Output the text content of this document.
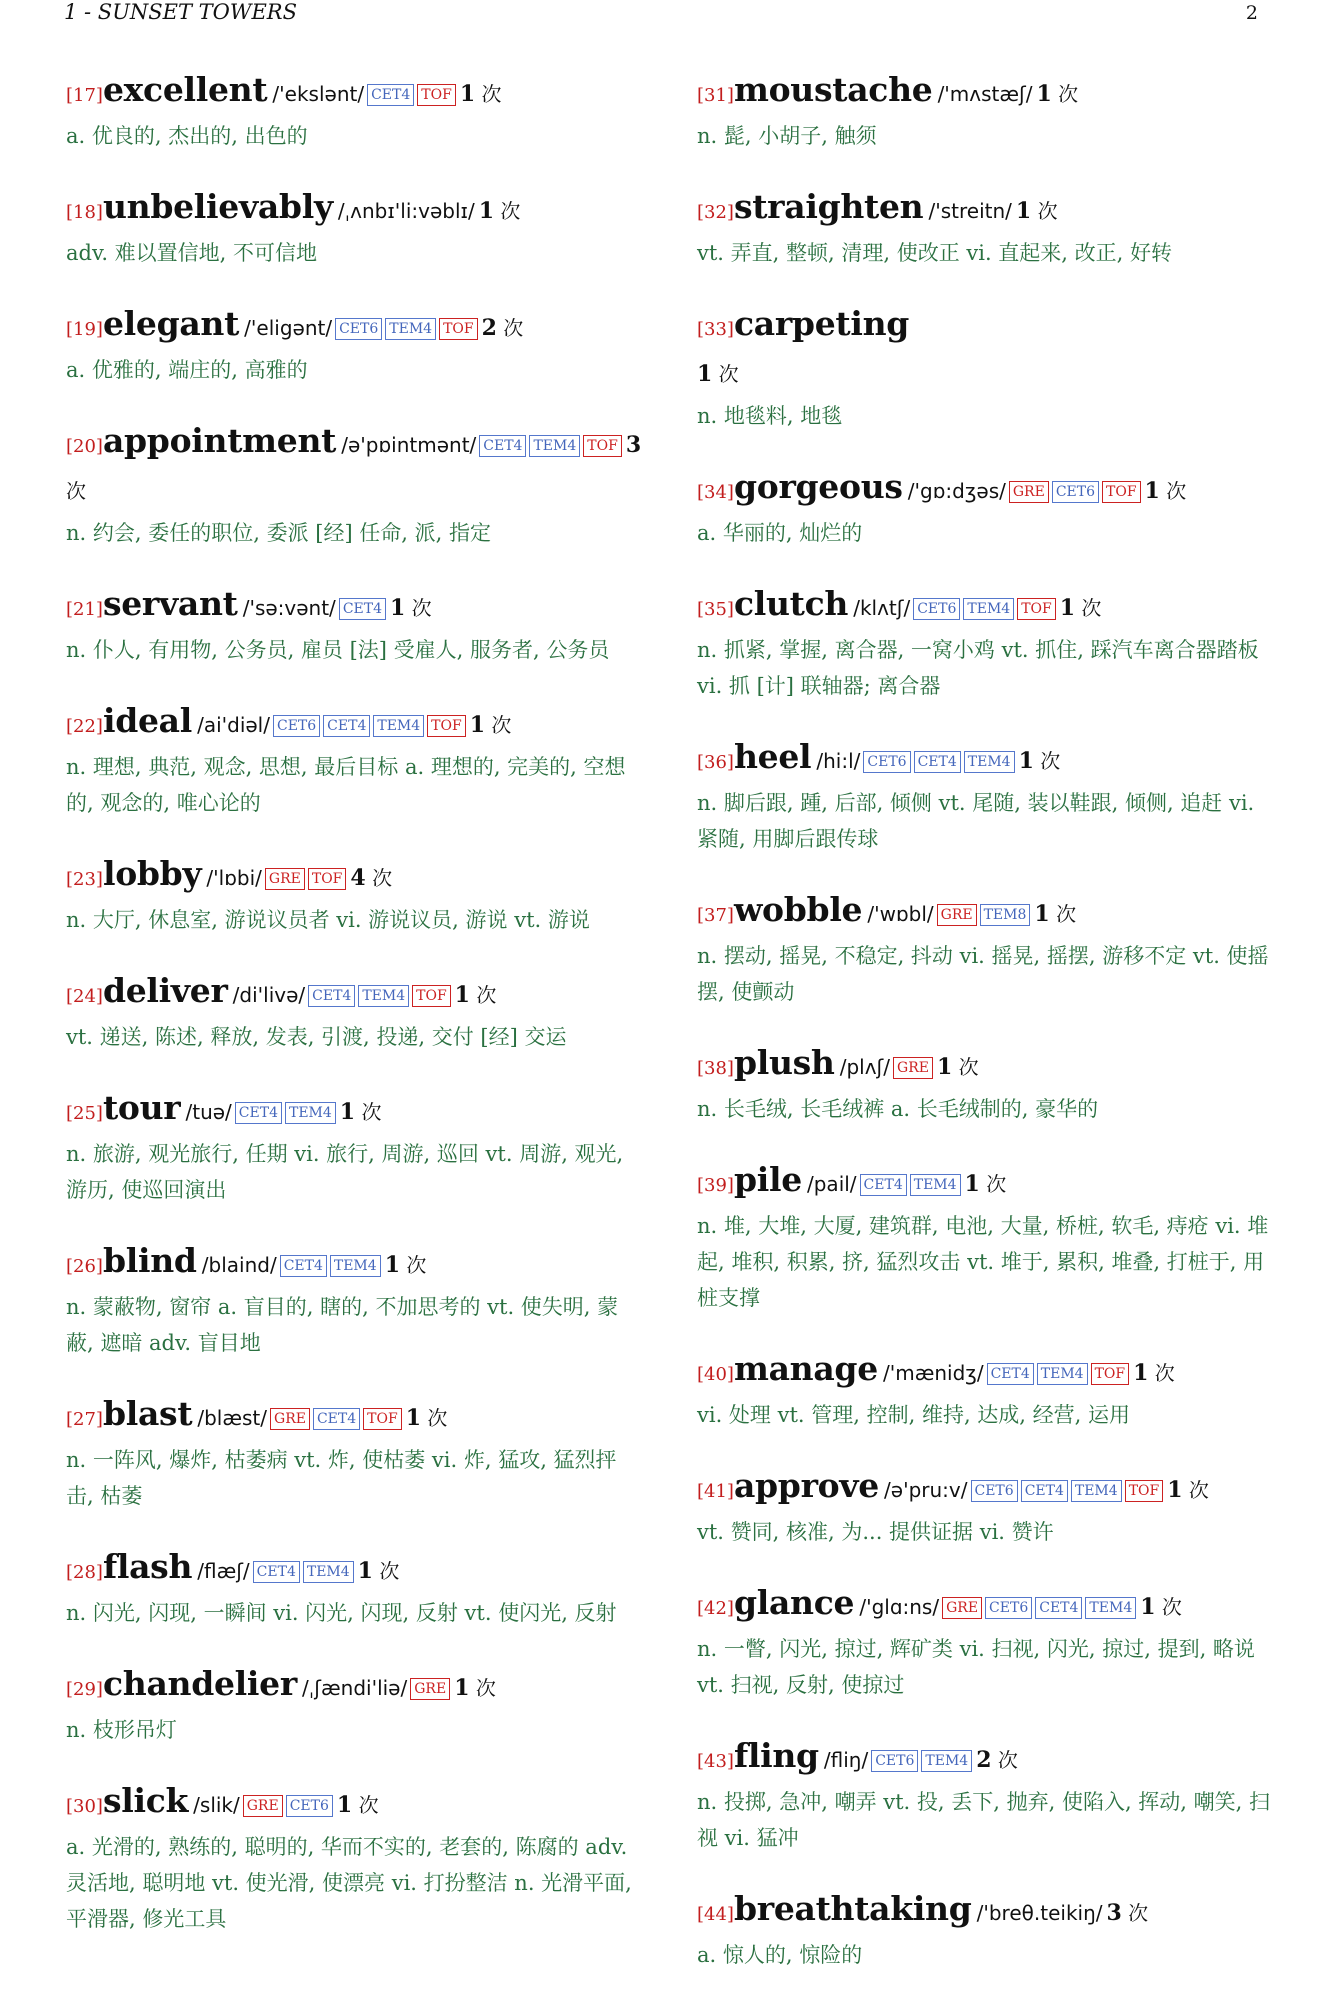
1 - SUNSET TOWERS	2
[17]excellent /'ekslənt/ CET4 TOF 1 次
a. 优良的, 杰出的, 出色的
[18]unbelievably /ˌʌnbɪ'li:vəblɪ/ 1 次
adv. 难以置信地, 不可信地
[19]elegant /'eligənt/ CET6 TEM4 TOF 2 次
a. 优雅的, 端庄的, 高雅的
[20]appointment /ə'pɒintmənt/ CET4 TEM4 TOF 3 次
n. 约会, 委任的职位, 委派 [经] 任命, 派, 指定
[21]servant /'sə:vənt/ CET4 1 次
n. 仆人, 有用物, 公务员, 雇员 [法] 受雇人, 服务者, 公务员
[22]ideal /ai'diəl/ CET6 CET4 TEM4 TOF 1 次
n. 理想, 典范, 观念, 思想, 最后目标 a. 理想的, 完美的, 空想的, 观念的, 唯心论的
[23]lobby /'lɒbi/ GRE TOF 4 次
n. 大厅, 休息室, 游说议员者 vi. 游说议员, 游说 vt. 游说
[24]deliver /di'livə/ CET4 TEM4 TOF 1 次
vt. 递送, 陈述, 释放, 发表, 引渡, 投递, 交付 [经] 交运
[25]tour /tuə/ CET4 TEM4 1 次
n. 旅游, 观光旅行, 任期 vi. 旅行, 周游, 巡回 vt. 周游, 观光, 游历, 使巡回演出
[26]blind /blaind/ CET4 TEM4 1 次
n. 蒙蔽物, 窗帘 a. 盲目的, 瞎的, 不加思考的 vt. 使失明, 蒙蔽, 遮暗 adv. 盲目地
[27]blast /blæst/ GRE CET4 TOF 1 次
n. 一阵风, 爆炸, 枯萎病 vt. 炸, 使枯萎 vi. 炸, 猛攻, 猛烈抨击, 枯萎
[28]flash /flæʃ/ CET4 TEM4 1 次
n. 闪光, 闪现, 一瞬间 vi. 闪光, 闪现, 反射 vt. 使闪光, 反射
[29]chandelier /ˌʃændi'liə/ GRE 1 次
n. 枝形吊灯
[30]slick /slik/ GRE CET6 1 次
a. 光滑的, 熟练的, 聪明的, 华而不实的, 老套的, 陈腐的 adv. 灵活地, 聪明地 vt. 使光滑, 使漂亮 vi. 打扮整洁 n. 光滑平面, 平滑器, 修光工具
[31]moustache /'mʌstæʃ/ 1 次
n. 髭, 小胡子, 触须
[32]straighten /'streitn/ 1 次
vt. 弄直, 整顿, 清理, 使改正 vi. 直起来, 改正, 好转
[33]carpeting
1 次
n. 地毯料, 地毯
[34]gorgeous /'gɒ:dʒəs/ GRE CET6 TOF 1 次
a. 华丽的, 灿烂的
[35]clutch /klʌtʃ/ CET6 TEM4 TOF 1 次
n. 抓紧, 掌握, 离合器, 一窝小鸡 vt. 抓住, 踩汽车离合器踏板 vi. 抓 [计] 联轴器; 离合器
[36]heel /hi:l/ CET6 CET4 TEM4 1 次
n. 脚后跟, 踵, 后部, 倾侧 vt. 尾随, 装以鞋跟, 倾侧, 追赶 vi. 紧随, 用脚后跟传球
[37]wobble /'wɒbl/ GRE TEM8 1 次
n. 摆动, 摇晃, 不稳定, 抖动 vi. 摇晃, 摇摆, 游移不定 vt. 使摇摆, 使颤动
[38]plush /plʌʃ/ GRE 1 次
n. 长毛绒, 长毛绒裤 a. 长毛绒制的, 豪华的
[39]pile /pail/ CET4 TEM4 1 次
n. 堆, 大堆, 大厦, 建筑群, 电池, 大量, 桥桩, 软毛, 痔疮 vi. 堆起, 堆积, 积累, 挤, 猛烈攻击 vt. 堆于, 累积, 堆叠, 打桩于, 用桩支撑
[40]manage /'mænidʒ/ CET4 TEM4 TOF 1 次
vi. 处理 vt. 管理, 控制, 维持, 达成, 经营, 运用
[41]approve /ə'pru:v/ CET6 CET4 TEM4 TOF 1 次
vt. 赞同, 核准, 为... 提供证据 vi. 赞许
[42]glance /'glɑ:ns/ GRE CET6 CET4 TEM4 1 次
n. 一瞥, 闪光, 掠过, 辉矿类 vi. 扫视, 闪光, 掠过, 提到, 略说 vt. 扫视, 反射, 使掠过
[43]fling /fliŋ/ CET6 TEM4 2 次
n. 投掷, 急冲, 嘲弄 vt. 投, 丢下, 抛弃, 使陷入, 挥动, 嘲笑, 扫视 vi. 猛冲
[44]breathtaking /'breθ.teikiŋ/ 3 次
a. 惊人的, 惊险的
